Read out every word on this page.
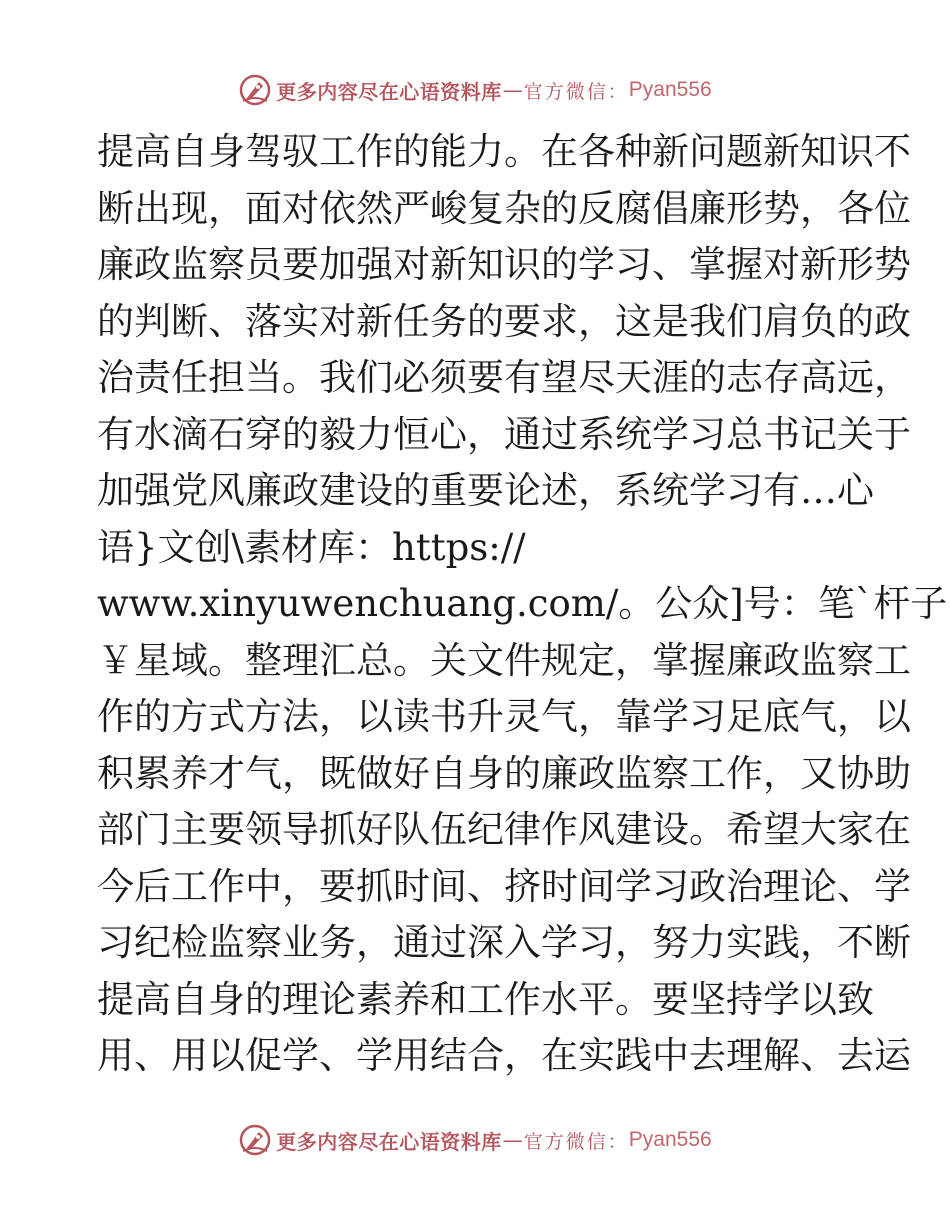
更多内容尽在心语资料库 — 官方微信： Pyan556
提高自身驾驭工作的能力。在各种新问题新知识不
断出现，面对依然严峻复杂的反腐倡廉形势，各位
廉政监察员要加强对新知识的学习、掌握对新形势
的判断、落实对新任务的要求，这是我们肩负的政
治责任担当。我们必须要有望尽天涯的志存高远，
有水滴石穿的毅力恒心，通过系统学习总书记关于
加强党风廉政建设的重要论述，系统学习有…心
语}文创\素材库：https://
www.xinyuwenchuang.com/。公众]号：笔`杆子
￥星域。整理汇总。关文件规定，掌握廉政监察工
作的方式方法，以读书升灵气，靠学习足底气，以
积累养才气，既做好自身的廉政监察工作，又协助
部门主要领导抓好队伍纪律作风建设。希望大家在
今后工作中，要抓时间、挤时间学习政治理论、学
习纪检监察业务，通过深入学习，努力实践，不断
提高自身的理论素养和工作水平。要坚持学以致
用、用以促学、学用结合，在实践中去理解、去运
更多内容尽在心语资料库 — 官方微信： Pyan556
